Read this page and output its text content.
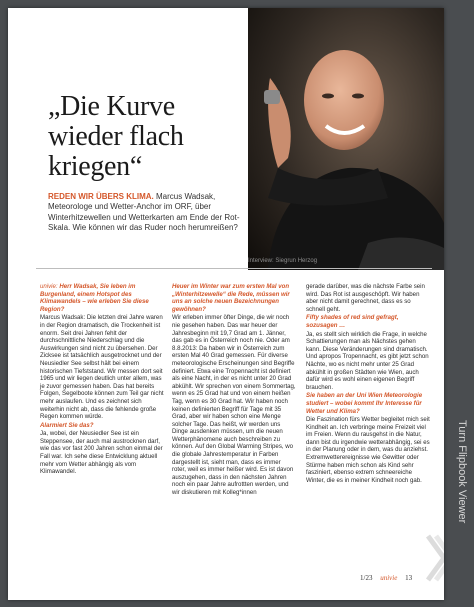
„Die Kurve
wieder flach
kriegen“

REDEN WIR ÜBERS KLIMA. Marcus Wadsak, Meteorologe und Wetter-Anchor im ORF, über Winterhitzewellen und Wetterkarten am Ende der Rot-Skala. Wie können wir das Ruder noch herumreißen?

Interview: Siegrun Herzog

univie: Herr Wadsak, Sie leben im Burgenland, einem Hotspot des Klimawandels – wie erleben Sie diese Region?

Marcus Wadsak: Die letzten drei Jahre waren in der Region dramatisch, die Trockenheit ist enorm. Seit drei Jahren fehlt der durchschnittliche Niederschlag und die Auswirkungen sind nicht zu übersehen. Der Zicksee ist tatsächlich ausgetrocknet und der Neusiedler See selbst hält bei einem historischen Tiefststand. Wir messen dort seit 1965 und wir liegen deutlich unter allem, was je zuvor gemessen haben. Das hat bereits Folgen, Segelboote können zum Teil gar nicht mehr auslaufen. Und es zeichnet sich weiterhin nicht ab, dass die fehlende große Regen kommen würde.

Alarmiert Sie das?

Ja, wobei, der Neusiedler See ist ein Steppensee, der auch mal austrocknen darf, wie das vor fast 200 Jahren schon einmal der Fall war. Ich sehe diese Entwicklung aktuell mehr vom Wetter abhängig als vom Klimawandel.

Heuer im Winter war zum ersten Mal von „Winterhitzewelle“ die Rede, müssen wir uns an solche neuen Bezeichnungen gewöhnen?

Wir erleben immer öfter Dinge, die wir noch nie gesehen haben. Das war heuer der Jahresbeginn mit 19,7 Grad am 1. Jänner, das gab es in Österreich noch nie. Oder am 8.8.2013: Da haben wir in Österreich zum ersten Mal 40 Grad gemessen. Für diverse meteorologische Erscheinungen sind Begriffe definiert. Etwa eine Tropennacht ist definiert als eine Nacht, in der es nicht unter 20 Grad abkühlt. Wir sprechen von einem Sommertag, wenn es 25 Grad hat und von einem heißen Tag, wenn es 30 Grad hat. Wir haben noch keinen definierten Begriff für Tage mit 35 Grad, aber wir haben schon eine Menge solcher Tage. Das heißt, wir werden uns Dinge ausdenken müssen, um die neuen Wetterphänomene auch beschreiben zu können. Auf den Global Warming Stripes, wo die globale Jahrestemperatur in Farben dargestellt ist, sieht man, dass es immer roter, weil es immer heißer wird. Es ist davon auszugehen, dass in den nächsten Jahren noch ein paar Jahre aufrottten werden, und wir diskutieren mit Kolleg*innen

gerade darüber, was die nächste Farbe sein wird. Das Rot ist ausgeschöpft. Wir haben aber nicht damit gerechnet, dass es so schnell geht.

Fifty shades of red sind gefragt, sozusagen …

Ja, es stellt sich wirklich die Frage, in welche Schattierungen man als Nächstes gehen kann. Diese Veränderungen sind dramatisch. Und apropos Tropennacht, es gibt jetzt schon Nächte, wo es nicht mehr unter 25 Grad abkühlt in großen Städten wie Wien, auch dafür wird es wohl einen eigenen Begriff brauchen.

Sie haben an der Uni Wien Meteorologie studiert – wobei kommt Ihr Interesse für Wetter und Klima?

Die Faszination fürs Wetter begleitet mich seit Kindheit an. Ich verbringe meine Freizeit viel im Freien. Wenn du rausgehst in die Natur, dann bist du irgendwie wetterabhängig, sei es in der Planung oder in dem, was du anziehst. Extremwetterereignisse wie Gewitter oder Stürme haben mich schon als Kind sehr fasziniert, ebenso extrem schneereiche Winter, die es in meiner Kindheit noch gab.

1/23 univie 13
Turn Flipbook Viewer
